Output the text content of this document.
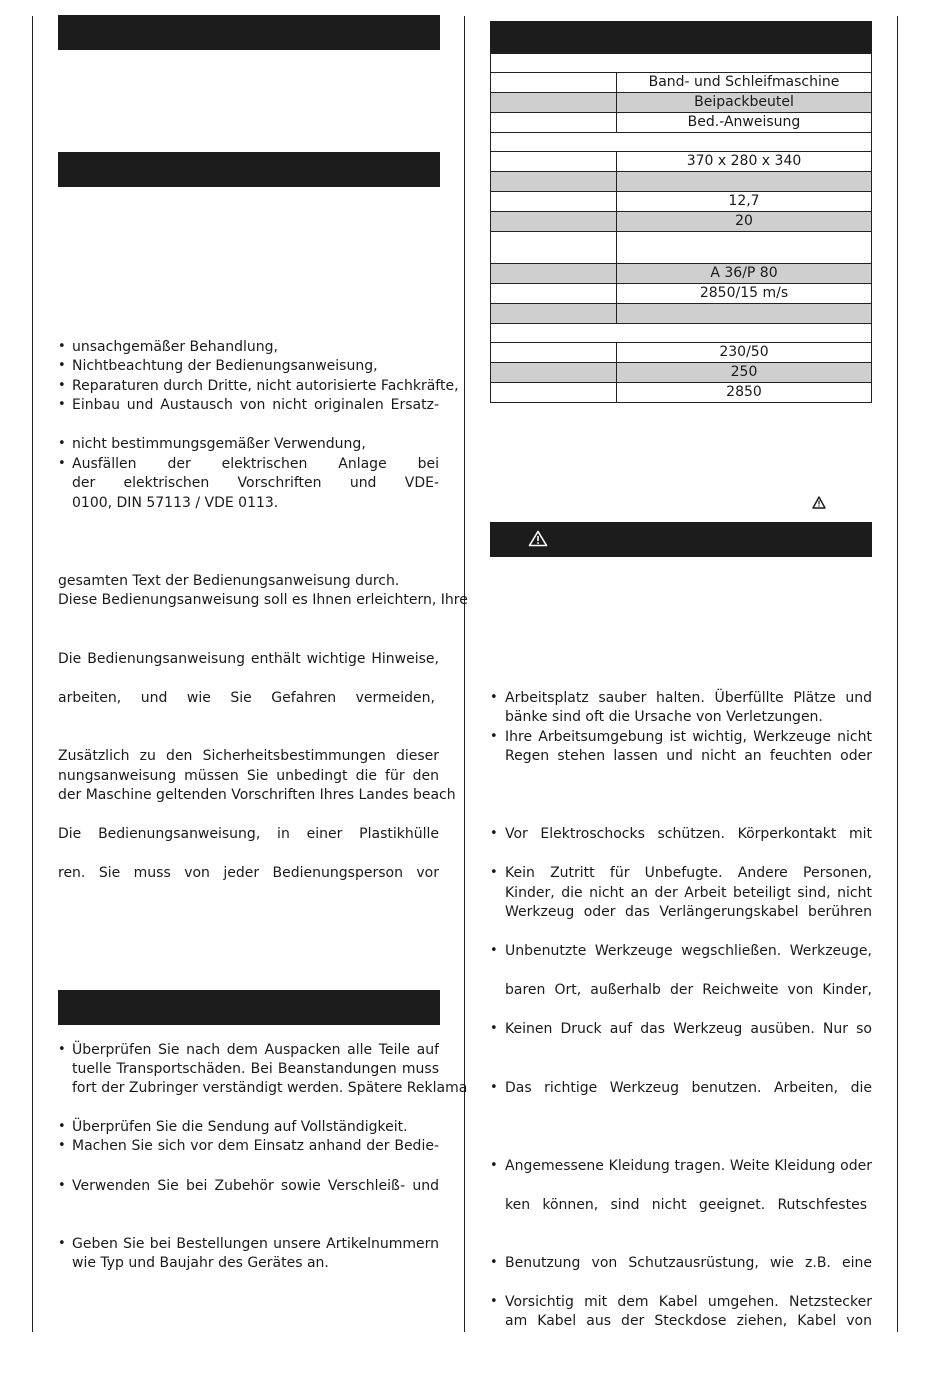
• unsachgemäßer Behandlung,
• Nichtbeachtung der Bedienungsanweisung,
• Reparaturen durch Dritte, nicht autorisierte Fachkräfte,
• Einbau und Austausch von nicht originalen Ersatz-
• nicht bestimmungsgemäßer Verwendung,
• Ausfällen der elektrischen Anlage bei
der elektrischen Vorschriften und VDE-
0100, DIN 57113 / VDE 0113.
gesamten Text der Bedienungsanweisung durch.
Diese Bedienungsanweisung soll es Ihnen erleichtern, Ihre
Die Bedienungsanweisung enthält wichtige Hinweise,
arbeiten, und wie Sie Gefahren vermeiden,
Zusätzlich zu den Sicherheitsbestimmungen dieser
nungsanweisung müssen Sie unbedingt die für den
der Maschine geltenden Vorschriften Ihres Landes beach
Die Bedienungsanweisung, in einer Plastikhülle
ren. Sie muss von jeder Bedienungsperson vor
• Überprüfen Sie nach dem Auspacken alle Teile auf
tuelle Transportschäden. Bei Beanstandungen muss
fort der Zubringer verständigt werden. Spätere Reklama
• Überprüfen Sie die Sendung auf Vollständigkeit.
• Machen Sie sich vor dem Einsatz anhand der Bedie-
• Verwenden Sie bei Zubehör sowie Verschleiß- und
• Geben Sie bei Bestellungen unsere Artikelnummern
wie Typ und Baujahr des Gerätes an.

	Band- und Schleifmaschine
	Beipackbeutel
	Bed.-Anweisung

	370 x 280 x 340

	12,7
	20

	A 36/P 80
	2850/15 m/s

	230/50
	250
	2850
• Arbeitsplatz sauber halten. Überfüllte Plätze und
bänke sind oft die Ursache von Verletzungen.
• Ihre Arbeitsumgebung ist wichtig, Werkzeuge nicht
Regen stehen lassen und nicht an feuchten oder
• Vor Elektroschocks schützen. Körperkontakt mit
• Kein Zutritt für Unbefugte. Andere Personen,
Kinder, die nicht an der Arbeit beteiligt sind, nicht
Werkzeug oder das Verlängerungskabel berühren
• Unbenutzte Werkzeuge wegschließen. Werkzeuge,
baren Ort, außerhalb der Reichweite von Kinder,
• Keinen Druck auf das Werkzeug ausüben. Nur so
• Das richtige Werkzeug benutzen. Arbeiten, die
• Angemessene Kleidung tragen. Weite Kleidung oder
ken können, sind nicht geeignet. Rutschfestes
• Benutzung von Schutzausrüstung, wie z.B. eine
• Vorsichtig mit dem Kabel umgehen. Netzstecker
am Kabel aus der Steckdose ziehen, Kabel von
